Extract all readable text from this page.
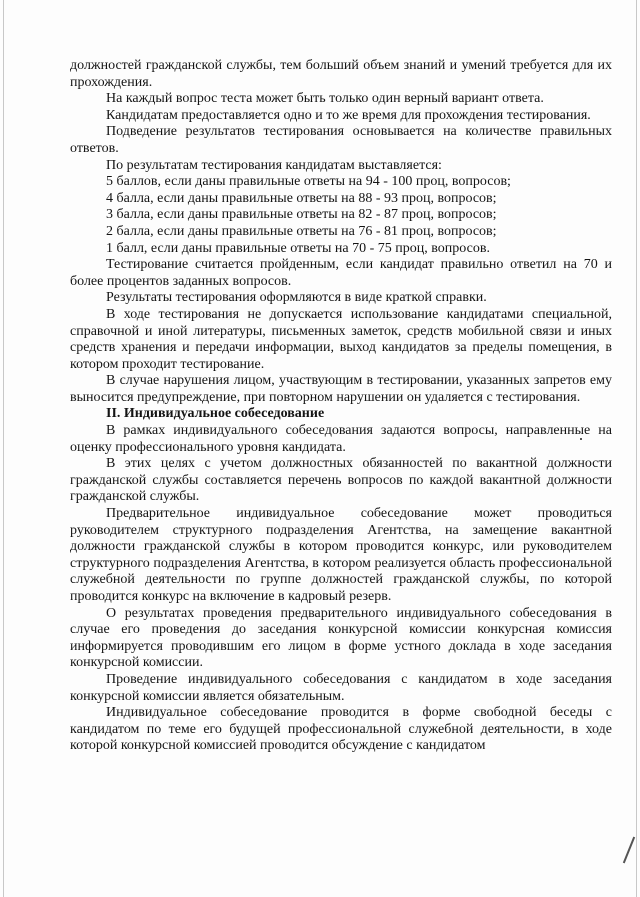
должностей гражданской службы, тем больший объем знаний и умений требуется для их прохождения.

На каждый вопрос теста может быть только один верный вариант ответа.

Кандидатам предоставляется одно и то же время для прохождения тестирования.

Подведение результатов тестирования основывается на количестве правильных ответов.

По результатам тестирования кандидатам выставляется:

5 баллов, если даны правильные ответы на 94 - 100 проц, вопросов;

4 балла, если даны правильные ответы на 88 - 93 проц, вопросов;

3 балла, если даны правильные ответы на 82 - 87 проц, вопросов;

2 балла, если даны правильные ответы на 76 - 81 проц, вопросов;

1 балл, если даны правильные ответы на 70 - 75 проц, вопросов.

Тестирование считается пройденным, если кандидат правильно ответил на 70 и более процентов заданных вопросов.

Результаты тестирования оформляются в виде краткой справки.

В ходе тестирования не допускается использование кандидатами специальной, справочной и иной литературы, письменных заметок, средств мобильной связи и иных средств хранения и передачи информации, выход кандидатов за пределы помещения, в котором проходит тестирование.

В случае нарушения лицом, участвующим в тестировании, указанных запретов ему выносится предупреждение, при повторном нарушении он удаляется с тестирования.

II. Индивидуальное собеседование

В рамках индивидуального собеседования задаются вопросы, направленные на оценку профессионального уровня кандидата.

В этих целях с учетом должностных обязанностей по вакантной должности гражданской службы составляется перечень вопросов по каждой вакантной должности гражданской службы.

Предварительное индивидуальное собеседование может проводиться руководителем структурного подразделения Агентства, на замещение вакантной должности гражданской службы в котором проводится конкурс, или руководителем структурного подразделения Агентства, в котором реализуется область профессиональной служебной деятельности по группе должностей гражданской службы, по которой проводится конкурс на включение в кадровый резерв.

О результатах проведения предварительного индивидуального собеседования в случае его проведения до заседания конкурсной комиссии конкурсная комиссия информируется проводившим его лицом в форме устного доклада в ходе заседания конкурсной комиссии.

Проведение индивидуального собеседования с кандидатом в ходе заседания конкурсной комиссии является обязательным.

Индивидуальное собеседование проводится в форме свободной беседы с кандидатом по теме его будущей профессиональной служебной деятельности, в ходе которой конкурсной комиссией проводится обсуждение с кандидатом
